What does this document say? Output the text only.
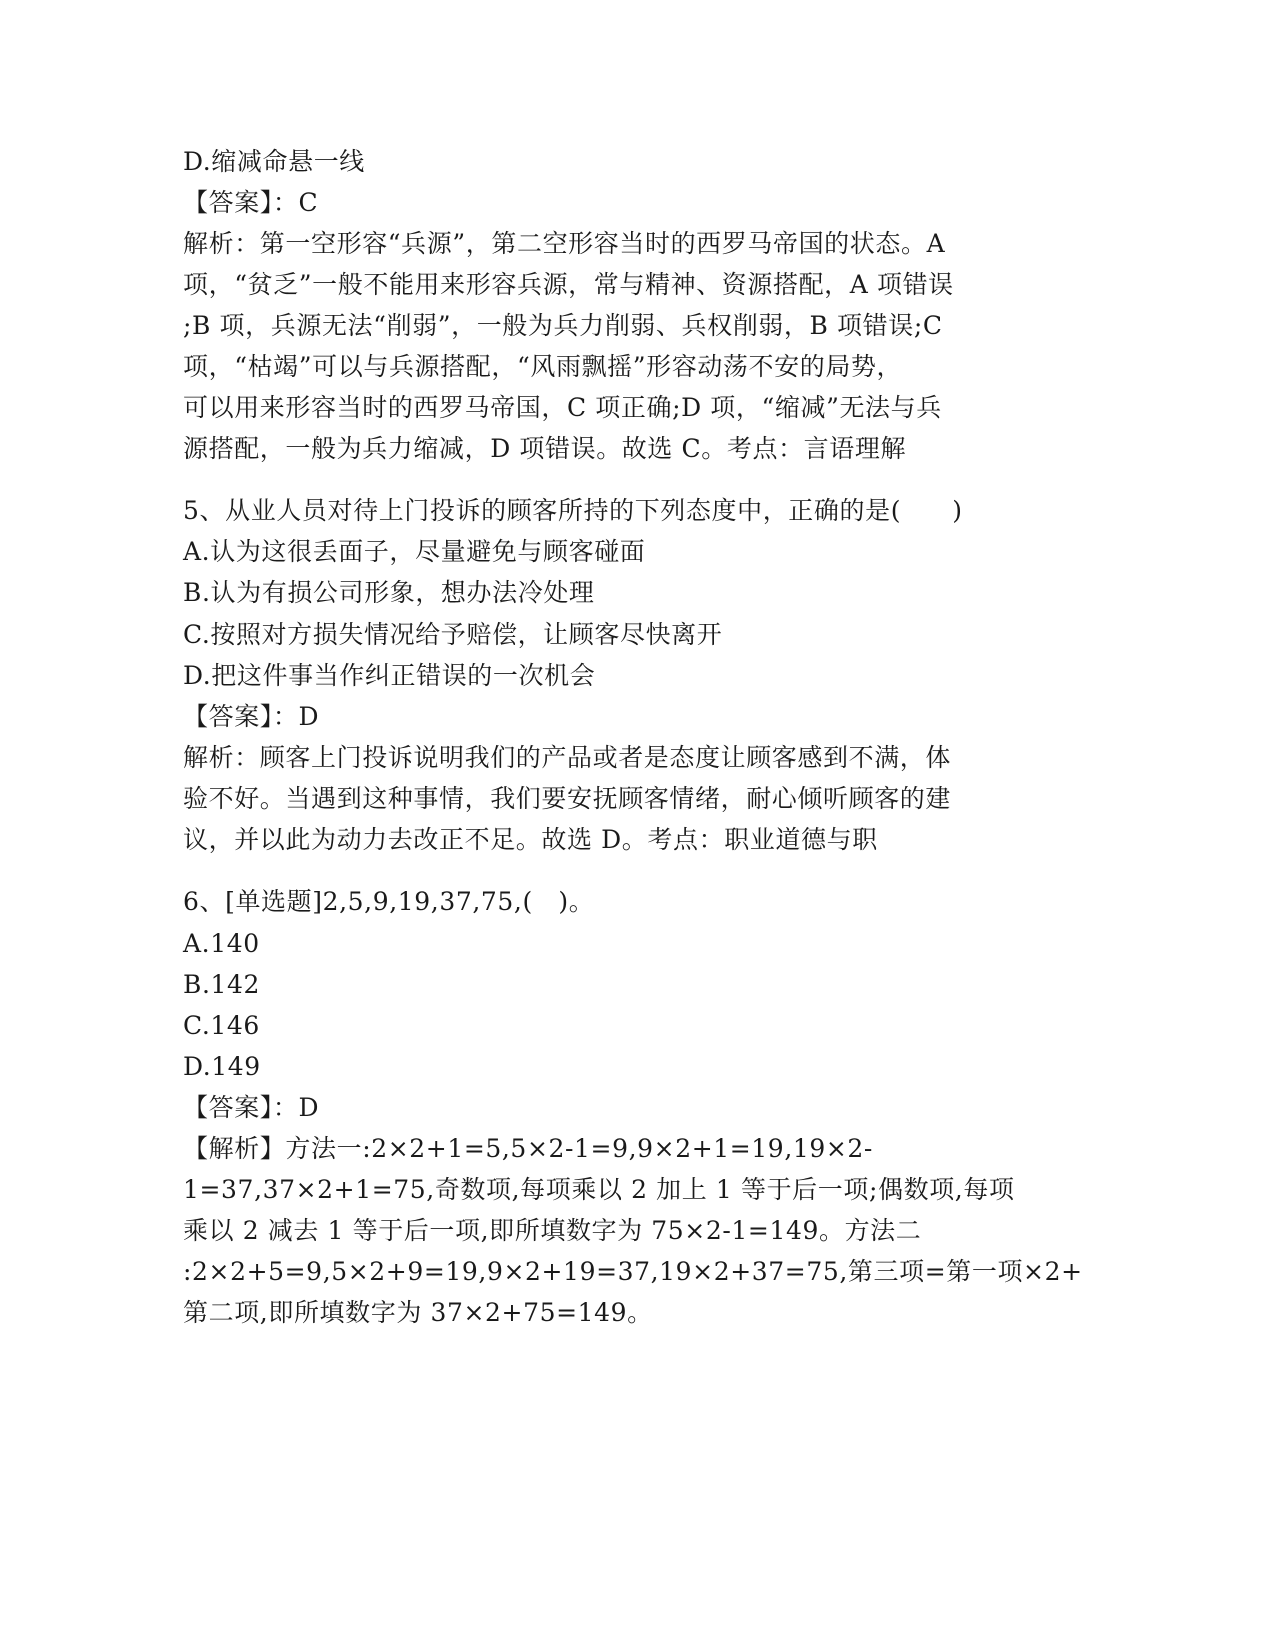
D.缩减命悬一线
【答案】：C
解析：第一空形容“兵源”，第二空形容当时的西罗马帝国的状态。A
项，“贫乏”一般不能用来形容兵源，常与精神、资源搭配，A 项错误
;B 项，兵源无法“削弱”，一般为兵力削弱、兵权削弱，B 项错误;C
项，“枯竭”可以与兵源搭配，“风雨飘摇”形容动荡不安的局势，
可以用来形容当时的西罗马帝国，C 项正确;D 项，“缩减”无法与兵
源搭配，一般为兵力缩减，D 项错误。故选 C。考点：言语理解
5、从业人员对待上门投诉的顾客所持的下列态度中，正确的是(　　)
A.认为这很丢面子，尽量避免与顾客碰面
B.认为有损公司形象，想办法冷处理
C.按照对方损失情况给予赔偿，让顾客尽快离开
D.把这件事当作纠正错误的一次机会
【答案】：D
解析：顾客上门投诉说明我们的产品或者是态度让顾客感到不满，体
验不好。当遇到这种事情，我们要安抚顾客情绪，耐心倾听顾客的建
议，并以此为动力去改正不足。故选 D。考点：职业道德与职
6、[单选题]2,5,9,19,37,75,(　)。
A.140
B.142
C.146
D.149
【答案】：D
【解析】方法一:2×2+1=5,5×2-1=9,9×2+1=19,19×2-
1=37,37×2+1=75,奇数项,每项乘以 2 加上 1 等于后一项;偶数项,每项
乘以 2 减去 1 等于后一项,即所填数字为 75×2-1=149。方法二
:2×2+5=9,5×2+9=19,9×2+19=37,19×2+37=75,第三项=第一项×2+
第二项,即所填数字为 37×2+75=149。
